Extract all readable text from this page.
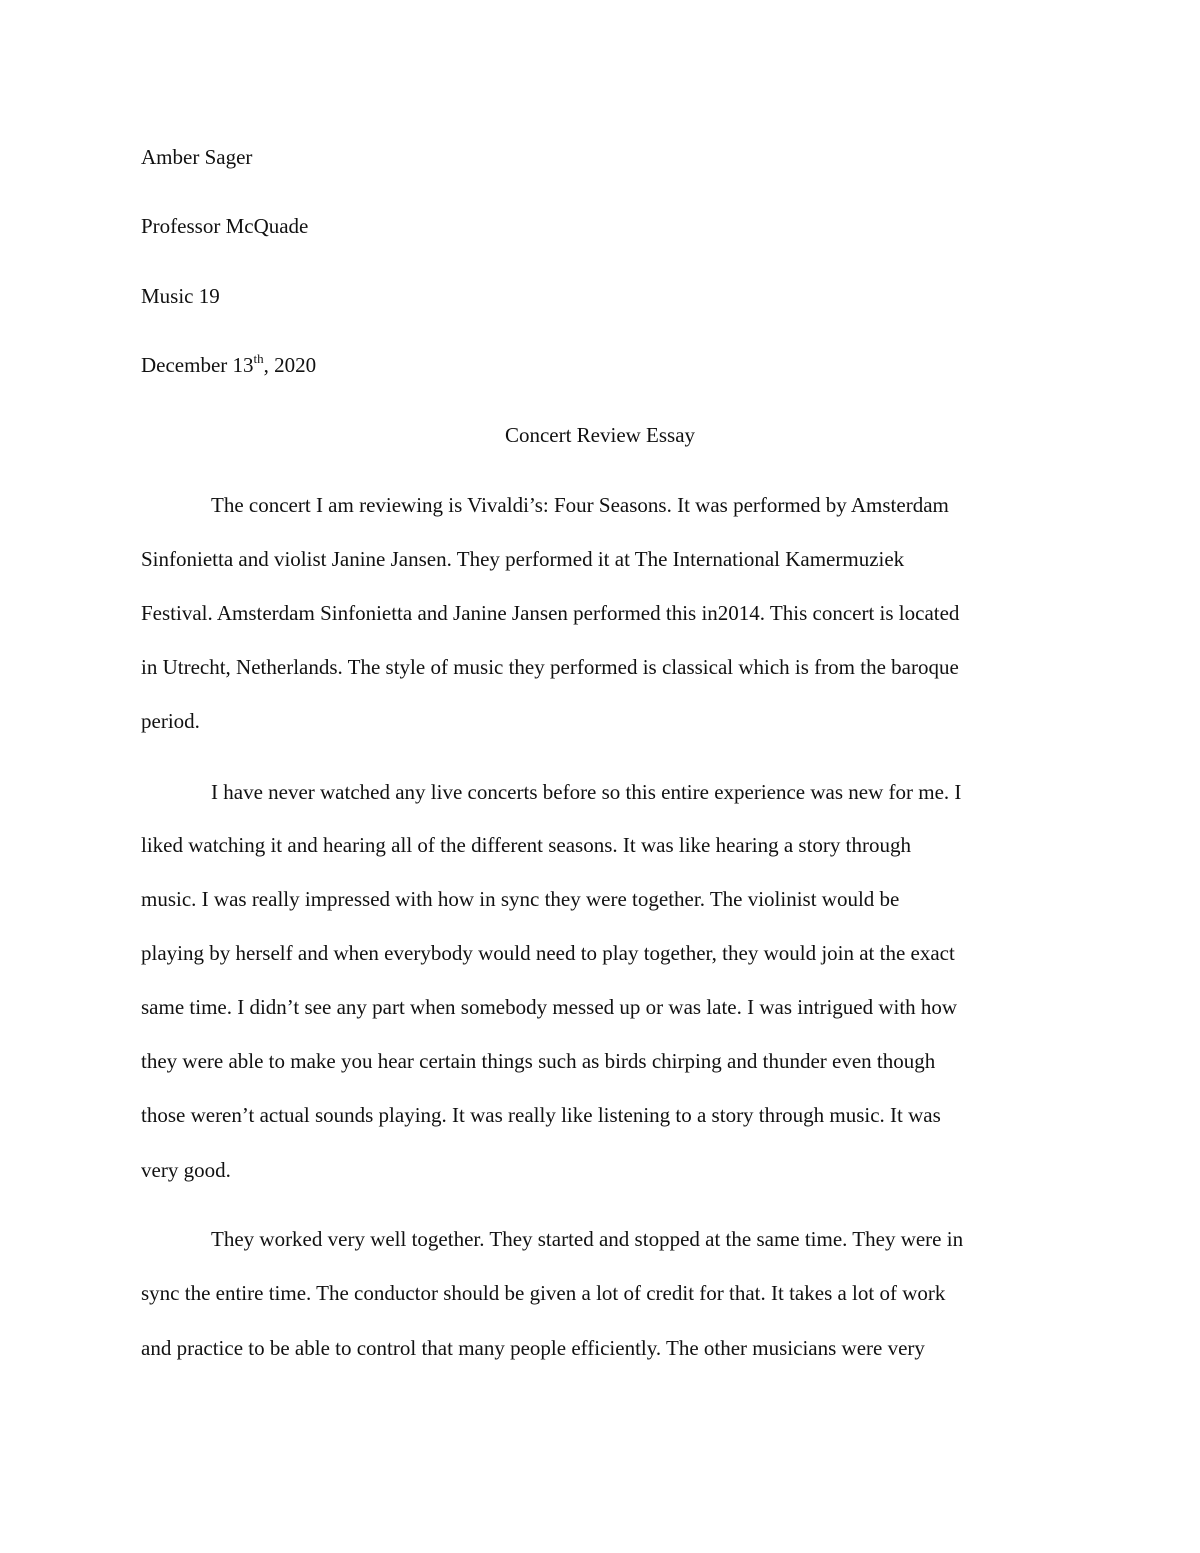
Amber Sager
Professor McQuade
Music 19
December 13th, 2020
Concert Review Essay
The concert I am reviewing is Vivaldi’s: Four Seasons. It was performed by Amsterdam
Sinfonietta and violist Janine Jansen. They performed it at The International Kamermuziek
Festival. Amsterdam Sinfonietta and Janine Jansen performed this in2014. This concert is located
in Utrecht, Netherlands. The style of music they performed is classical which is from the baroque
period.
I have never watched any live concerts before so this entire experience was new for me. I
liked watching it and hearing all of the different seasons. It was like hearing a story through
music. I was really impressed with how in sync they were together. The violinist would be
playing by herself and when everybody would need to play together, they would join at the exact
same time. I didn’t see any part when somebody messed up or was late. I was intrigued with how
they were able to make you hear certain things such as birds chirping and thunder even though
those weren’t actual sounds playing. It was really like listening to a story through music. It was
very good.
They worked very well together. They started and stopped at the same time. They were in
sync the entire time. The conductor should be given a lot of credit for that. It takes a lot of work
and practice to be able to control that many people efficiently. The other musicians were very
